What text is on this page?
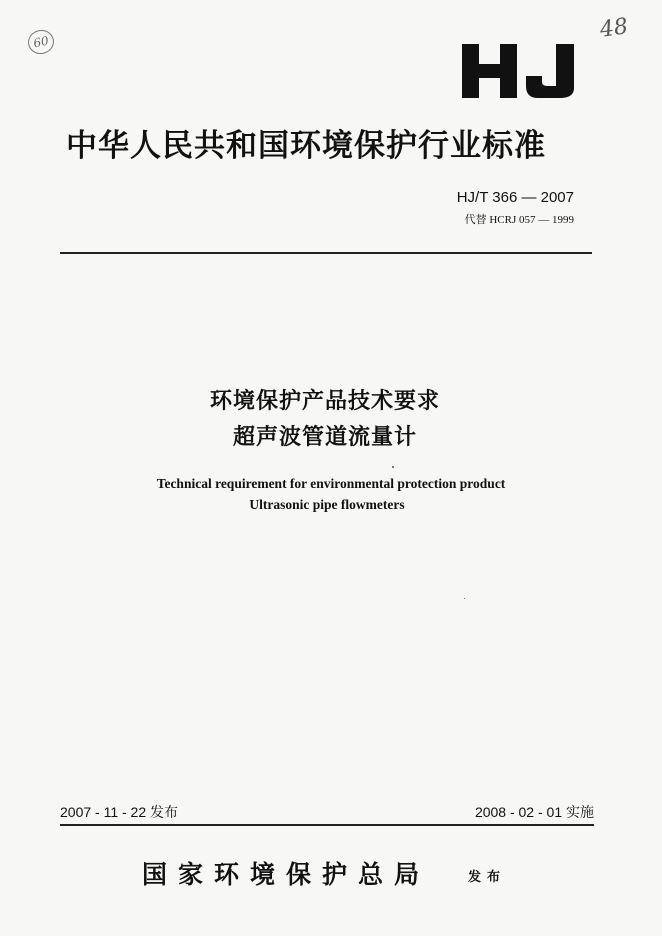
60	48
中华人民共和国环境保护行业标准
HJ/T 366 — 2007
代替 HCRJ 057 — 1999
环境保护产品技术要求
超声波管道流量计
Technical requirement for environmental protection product
Ultrasonic pipe flowmeters
2007 - 11 - 22 发布	2008 - 02 - 01 实施
国家环境保护总局	发布
